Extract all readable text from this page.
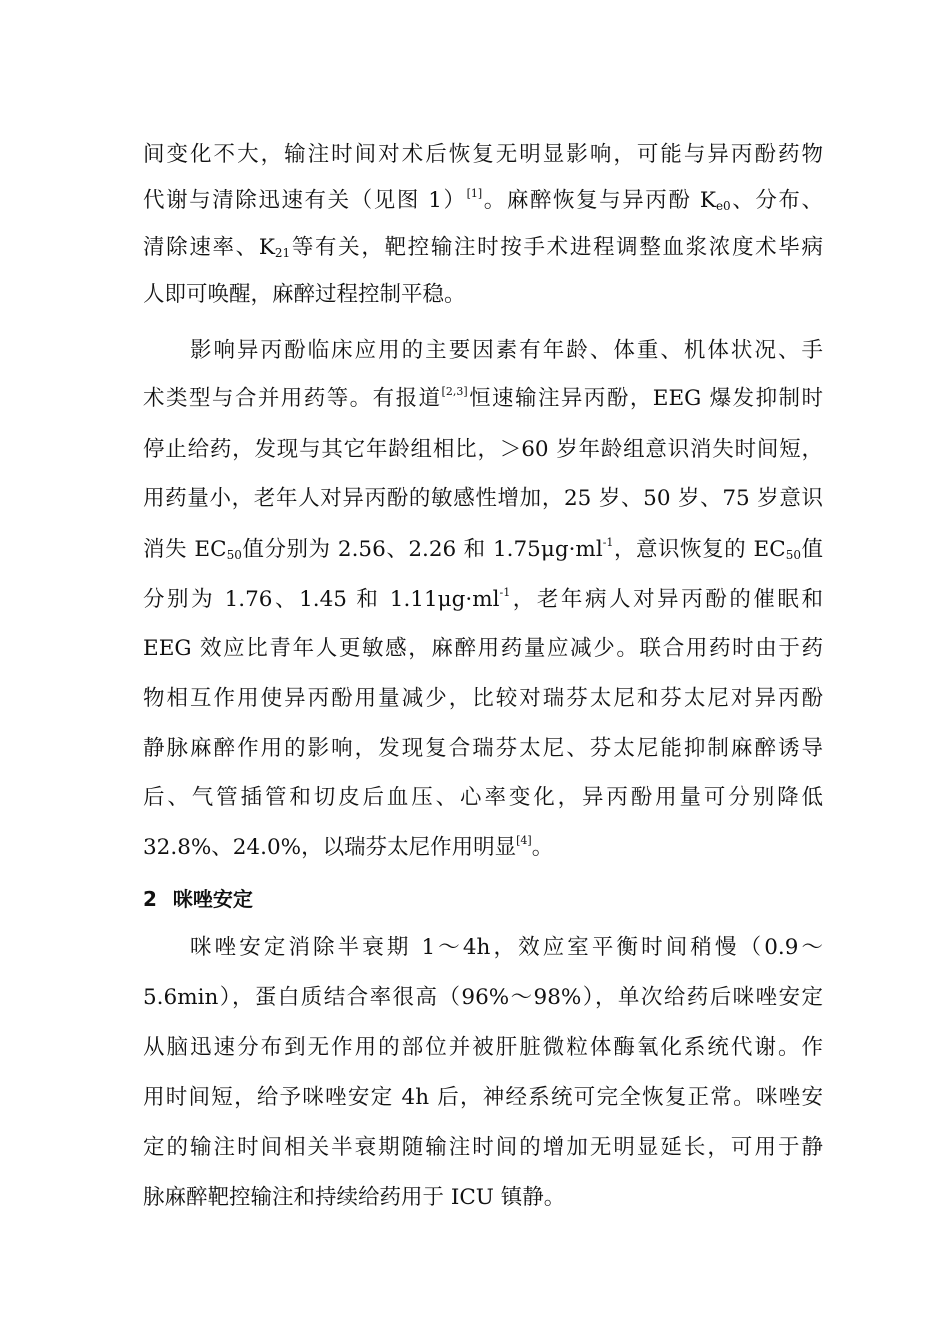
间变化不大，输注时间对术后恢复无明显影响，可能与异丙酚药物
代谢与清除迅速有关（见图 1）[1]。麻醉恢复与异丙酚 $K_{e0}$、分布、
清除速率、$K_{21}$等有关，靶控输注时按手术进程调整血浆浓度术毕病
人即可唤醒，麻醉过程控制平稳。
影响异丙酚临床应用的主要因素有年龄、体重、机体状况、手
术类型与合并用药等。有报道[2,3]恒速输注异丙酚，EEG 爆发抑制时
停止给药，发现与其它年龄组相比，＞60 岁年龄组意识消失时间短，
用药量小，老年人对异丙酚的敏感性增加，25 岁、50 岁、75 岁意识
消失 $EC_{50}$值分别为 2.56、2.26 和 $1.75\mu g\cdot ml^{-1}$，意识恢复的 $EC_{50}$值
分别为 1.76、1.45 和 $1.11\mu g\cdot ml^{-1}$，老年病人对异丙酚的催眠和
EEG 效应比青年人更敏感，麻醉用药量应减少。联合用药时由于药
物相互作用使异丙酚用量减少，比较对瑞芬太尼和芬太尼对异丙酚
静脉麻醉作用的影响，发现复合瑞芬太尼、芬太尼能抑制麻醉诱导
后、气管插管和切皮后血压、心率变化，异丙酚用量可分别降低
32.8%、24.0%，以瑞芬太尼作用明显[4]。
2 咪唑安定
咪唑安定消除半衰期 1～4h，效应室平衡时间稍慢（0.9～
5.6min），蛋白质结合率很高（96%～98%），单次给药后咪唑安定
从脑迅速分布到无作用的部位并被肝脏微粒体酶氧化系统代谢。作
用时间短，给予咪唑安定 4h 后，神经系统可完全恢复正常。咪唑安
定的输注时间相关半衰期随输注时间的增加无明显延长，可用于静
脉麻醉靶控输注和持续给药用于 ICU 镇静。
